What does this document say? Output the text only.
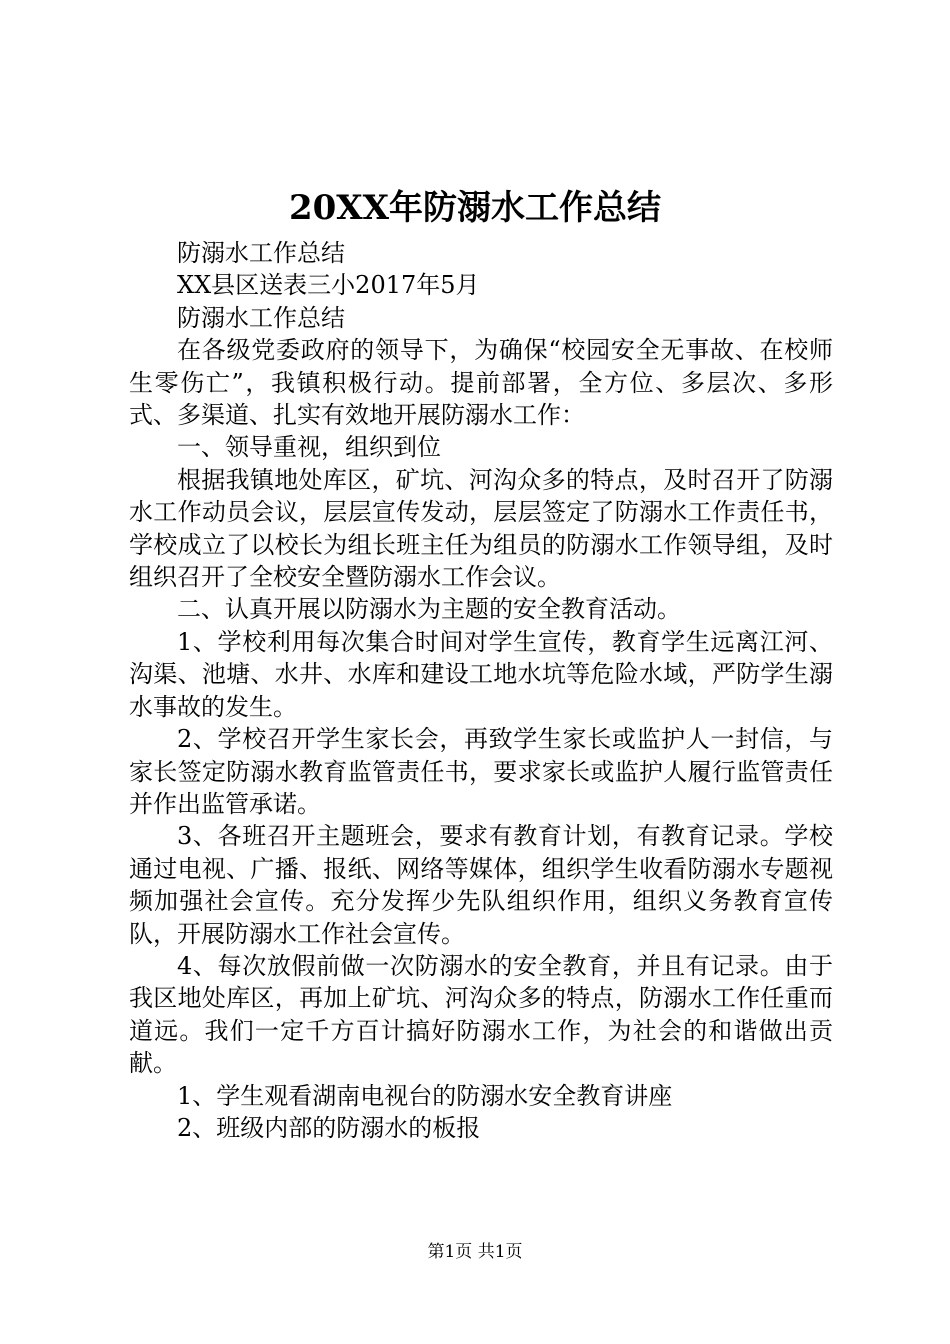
20XX年防溺水工作总结

防溺水工作总结

XX县区送表三小2017年5月

防溺水工作总结

在各级党委政府的领导下，为确保“校园安全无事故、在校师生零伤亡”，我镇积极行动。提前部署，全方位、多层次、多形式、多渠道、扎实有效地开展防溺水工作：

一、领导重视，组织到位

根据我镇地处库区，矿坑、河沟众多的特点，及时召开了防溺水工作动员会议，层层宣传发动，层层签定了防溺水工作责任书，学校成立了以校长为组长班主任为组员的防溺水工作领导组，及时组织召开了全校安全暨防溺水工作会议。

二、认真开展以防溺水为主题的安全教育活动。

1、学校利用每次集合时间对学生宣传，教育学生远离江河、沟渠、池塘、水井、水库和建设工地水坑等危险水域，严防学生溺水事故的发生。

2、学校召开学生家长会，再致学生家长或监护人一封信，与家长签定防溺水教育监管责任书，要求家长或监护人履行监管责任并作出监管承诺。

3、各班召开主题班会，要求有教育计划，有教育记录。学校通过电视、广播、报纸、网络等媒体，组织学生收看防溺水专题视频加强社会宣传。充分发挥少先队组织作用，组织义务教育宣传队，开展防溺水工作社会宣传。

4、每次放假前做一次防溺水的安全教育，并且有记录。由于我区地处库区，再加上矿坑、河沟众多的特点，防溺水工作任重而道远。我们一定千方百计搞好防溺水工作，为社会的和谐做出贡献。

1、学生观看湖南电视台的防溺水安全教育讲座

2、班级内部的防溺水的板报

第1页 共1页
